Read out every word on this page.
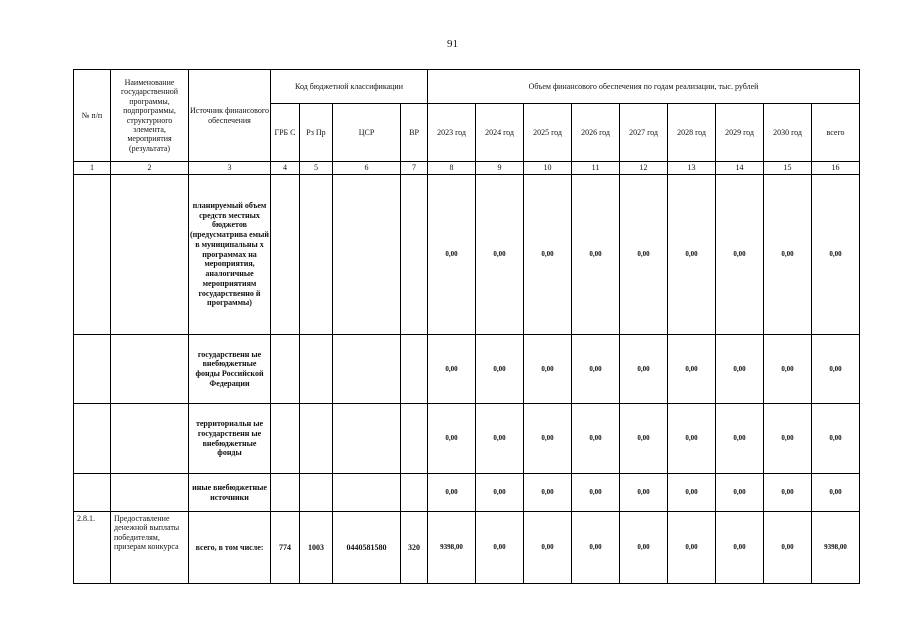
91
№ п/п	Наименование государственной программы, подпрограммы, структурного элемента, мероприятия (результата)	Источник финансового обеспечения	Код бюджетной классификации				Объем финансового обеспечения по годам реализации, тыс. рублей								
			ГРБ С	Рз Пр	ЦСР	ВР	2023 год	2024 год	2025 год	2026 год	2027 год	2028 год	2029 год	2030 год	всего
1	2	3	4	5	6	7	8	9	10	11	12	13	14	15	16
		планируемый объем средств местных бюджетов (предусматрива емый в муниципальны х программах на мероприятия, аналогичные мероприятиям государственно й программы)					0,00	0,00	0,00	0,00	0,00	0,00	0,00	0,00	0,00
		государственн ые внебюджетные фонды Российской Федерации					0,00	0,00	0,00	0,00	0,00	0,00	0,00	0,00	0,00
		территориальн ые государственн ые внебюджетные фонды					0,00	0,00	0,00	0,00	0,00	0,00	0,00	0,00	0,00
		иные внебюджетные источники					0,00	0,00	0,00	0,00	0,00	0,00	0,00	0,00	0,00
2.8.1.	Предоставление денежной выплаты победителям, призерам конкурса	всего, в том числе:	774	1003	0440581580	320	9398,00	0,00	0,00	0,00	0,00	0,00	0,00	0,00	9398,00
